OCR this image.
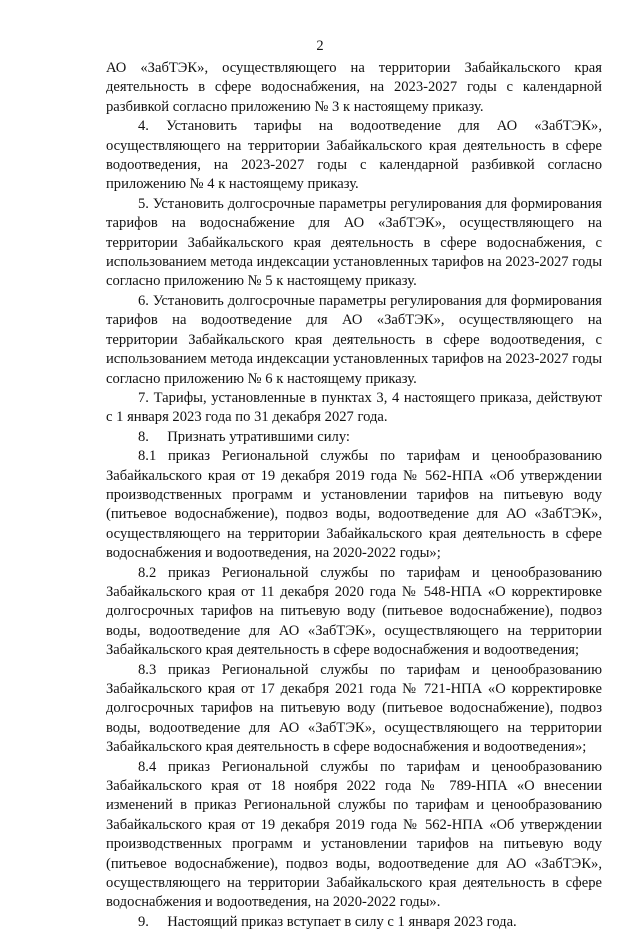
2

АО «ЗабТЭК», осуществляющего на территории Забайкальского края деятельность в сфере водоснабжения, на 2023-2027 годы с календарной разбивкой согласно приложению № 3 к настоящему приказу.

4. Установить тарифы на водоотведение для АО «ЗабТЭК», осуществляющего на территории Забайкальского края деятельность в сфере водоотведения, на 2023-2027 годы с календарной разбивкой согласно приложению № 4 к настоящему приказу.

5. Установить долгосрочные параметры регулирования для формирования тарифов на водоснабжение для АО «ЗабТЭК», осуществляющего на территории Забайкальского края деятельность в сфере водоснабжения, с использованием метода индексации установленных тарифов на 2023-2027 годы согласно приложению № 5 к настоящему приказу.

6. Установить долгосрочные параметры регулирования для формирования тарифов на водоотведение для АО «ЗабТЭК», осуществляющего на территории Забайкальского края деятельность в сфере водоотведения, с использованием метода индексации установленных тарифов на 2023-2027 годы согласно приложению № 6 к настоящему приказу.

7. Тарифы, установленные в пунктах 3, 4 настоящего приказа, действуют с 1 января 2023 года по 31 декабря 2027 года.

8.     Признать утратившими силу:

8.1 приказ Региональной службы по тарифам и ценообразованию Забайкальского края от 19 декабря 2019 года № 562-НПА «Об утверждении производственных программ и установлении тарифов на питьевую воду (питьевое водоснабжение), подвоз воды, водоотведение для АО «ЗабТЭК», осуществляющего на территории Забайкальского края деятельность в сфере водоснабжения и водоотведения, на 2020-2022 годы»;

8.2 приказ Региональной службы по тарифам и ценообразованию Забайкальского края от 11 декабря 2020 года № 548-НПА «О корректировке долгосрочных тарифов на питьевую воду (питьевое водоснабжение), подвоз воды, водоотведение для АО «ЗабТЭК», осуществляющего на территории Забайкальского края деятельность в сфере водоснабжения и водоотведения;

8.3 приказ Региональной службы по тарифам и ценообразованию Забайкальского края от 17 декабря 2021 года № 721-НПА «О корректировке долгосрочных тарифов на питьевую воду (питьевое водоснабжение), подвоз воды, водоотведение для АО «ЗабТЭК», осуществляющего на территории Забайкальского края деятельность в сфере водоснабжения и водоотведения»;

8.4 приказ Региональной службы по тарифам и ценообразованию Забайкальского края от 18 ноября 2022 года № 789-НПА «О внесении изменений в приказ Региональной службы по тарифам и ценообразованию Забайкальского края от 19 декабря 2019 года № 562-НПА «Об утверждении производственных программ и установлении тарифов на питьевую воду (питьевое водоснабжение), подвоз воды, водоотведение для АО «ЗабТЭК», осуществляющего на территории Забайкальского края деятельность в сфере водоснабжения и водоотведения, на 2020-2022 годы».

9.     Настоящий приказ вступает в силу с 1 января 2023 года.
